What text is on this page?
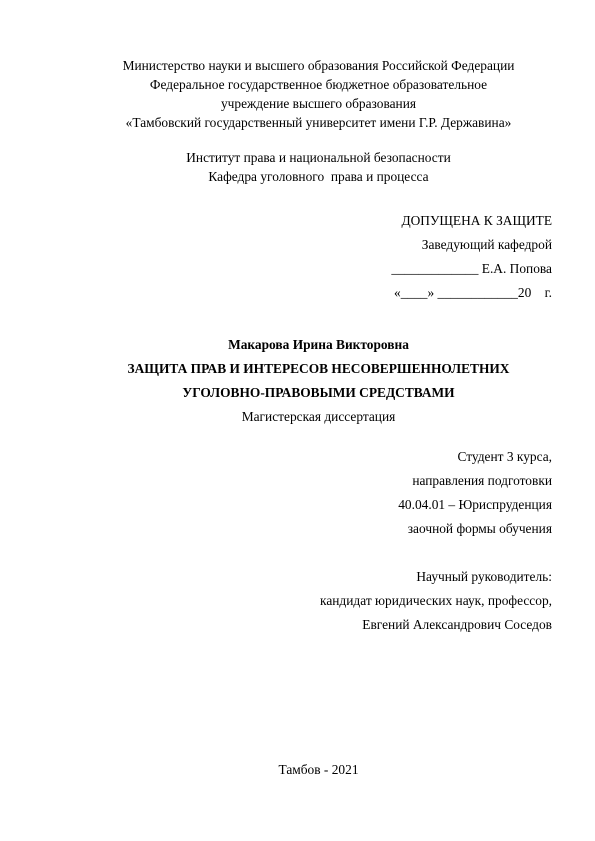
Министерство науки и высшего образования Российской Федерации
Федеральное государственное бюджетное образовательное
учреждение высшего образования
«Тамбовский государственный университет имени Г.Р. Державина»
Институт права и национальной безопасности
Кафедра уголовного  права и процесса
ДОПУЩЕНА К ЗАЩИТЕ
Заведующий кафедрой
_____________ Е.А. Попова
«____» ____________20    г.
Макарова Ирина Викторовна
ЗАЩИТА ПРАВ И ИНТЕРЕСОВ НЕСОВЕРШЕННОЛЕТНИХ
УГОЛОВНО-ПРАВОВЫМИ СРЕДСТВАМИ
Магистерская диссертация
Студент 3 курса,
направления подготовки
40.04.01 – Юриспруденция
заочной формы обучения
Научный руководитель:
кандидат юридических наук, профессор,
Евгений Александрович Соседов
Тамбов - 2021
